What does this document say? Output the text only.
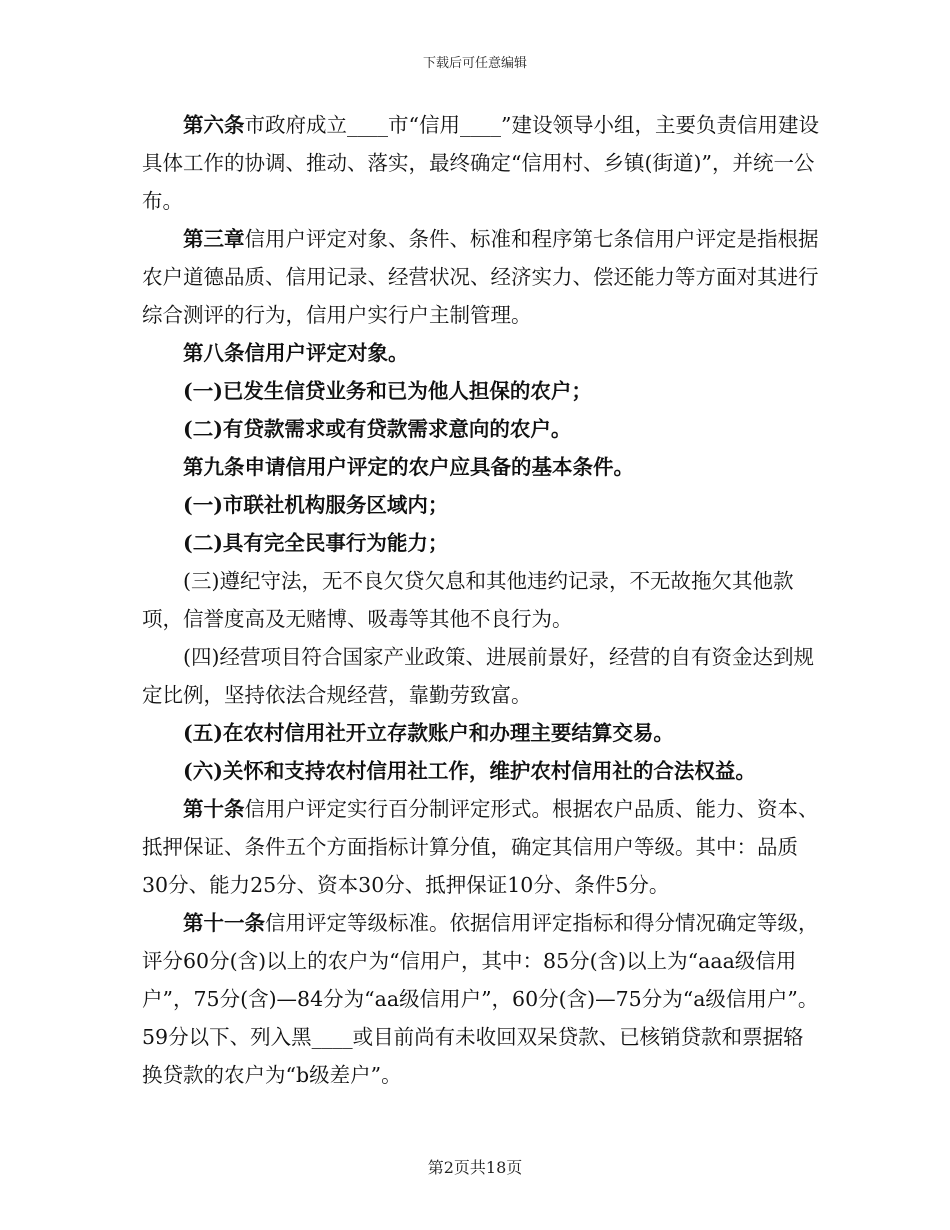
下载后可任意编辑

第六条市政府成立____市“信用____”建设领导小组，主要负责信用建设具体工作的协调、推动、落实，最终确定“信用村、乡镇(街道)”，并统一公布。

第三章信用户评定对象、条件、标准和程序第七条信用户评定是指根据农户道德品质、信用记录、经营状况、经济实力、偿还能力等方面对其进行综合测评的行为，信用户实行户主制管理。

第八条信用户评定对象。

(一)已发生信贷业务和已为他人担保的农户；

(二)有贷款需求或有贷款需求意向的农户。

第九条申请信用户评定的农户应具备的基本条件。

(一)市联社机构服务区域内；

(二)具有完全民事行为能力；

(三)遵纪守法，无不良欠贷欠息和其他违约记录，不无故拖欠其他款项，信誉度高及无赌博、吸毒等其他不良行为。

(四)经营项目符合国家产业政策、进展前景好，经营的自有资金达到规定比例，坚持依法合规经营，靠勤劳致富。

(五)在农村信用社开立存款账户和办理主要结算交易。

(六)关怀和支持农村信用社工作，维护农村信用社的合法权益。

第十条信用户评定实行百分制评定形式。根据农户品质、能力、资本、抵押保证、条件五个方面指标计算分值，确定其信用户等级。其中：品质30分、能力25分、资本30分、抵押保证10分、条件5分。

第十一条信用评定等级标准。依据信用评定指标和得分情况确定等级，评分60分(含)以上的农户为“信用户，其中：85分(含)以上为“aaa级信用户”，75分(含)—84分为“aa级信用户”，60分(含)—75分为“a级信用户”。59分以下、列入黑____或目前尚有未收回双呆贷款、已核销贷款和票据辂换贷款的农户为“b级差户”。

第2页共18页
